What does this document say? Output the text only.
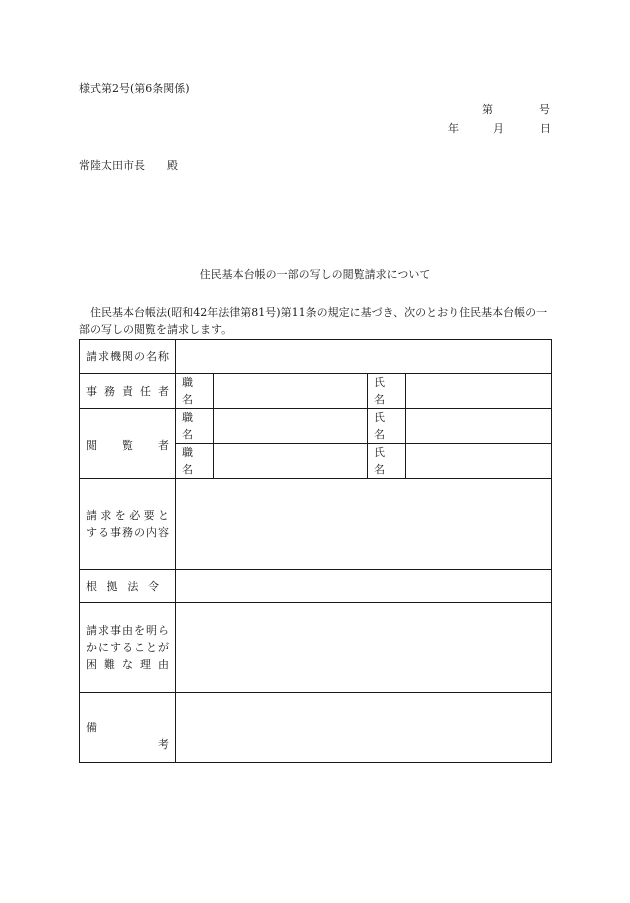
様式第2号(第6条関係)
第	号
年	月	日
常陸太田市長　　殿
住民基本台帳の一部の写しの閲覧請求について
住民基本台帳法(昭和42年法律第81号)第11条の規定に基づき、次のとおり住民基本台帳の一部の写しの閲覧を請求します。
請求機関の名称				

事務責任者	職 名		氏 名	

閲 覧 者	職 名		氏 名	
	職 名		氏 名	

請求を必要と
する事務の内容				

根拠法令				

請求事由を明ら
かにすることが
困難な理由				

備
考				
